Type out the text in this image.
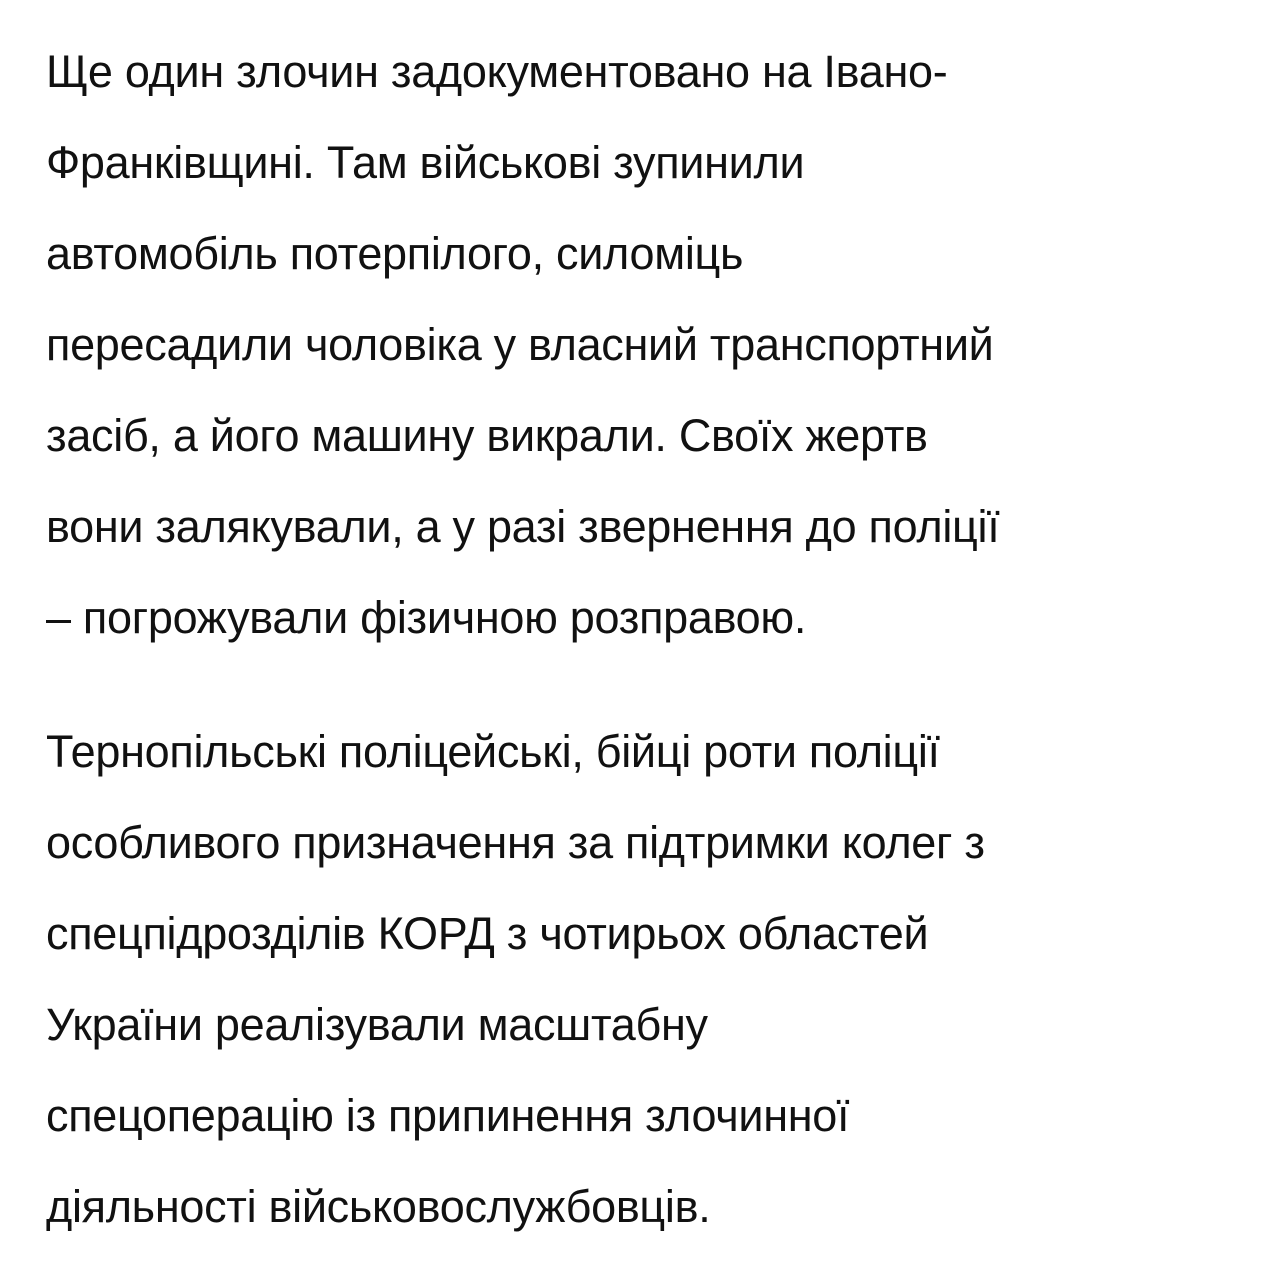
Ще один злочин задокументовано на Івано-
Франківщині. Там військові зупинили
автомобіль потерпілого, силоміць
пересадили чоловіка у власний транспортний
засіб, а його машину викрали. Своїх жертв
вони залякували, а у разі звернення до поліції
– погрожували фізичною розправою.

Тернопільські поліцейські, бійці роти поліції
особливого призначення за підтримки колег з
спецпідрозділів КОРД з чотирьох областей
України реалізували масштабну
спецоперацію із припинення злочинної
діяльності військовослужбовців.
